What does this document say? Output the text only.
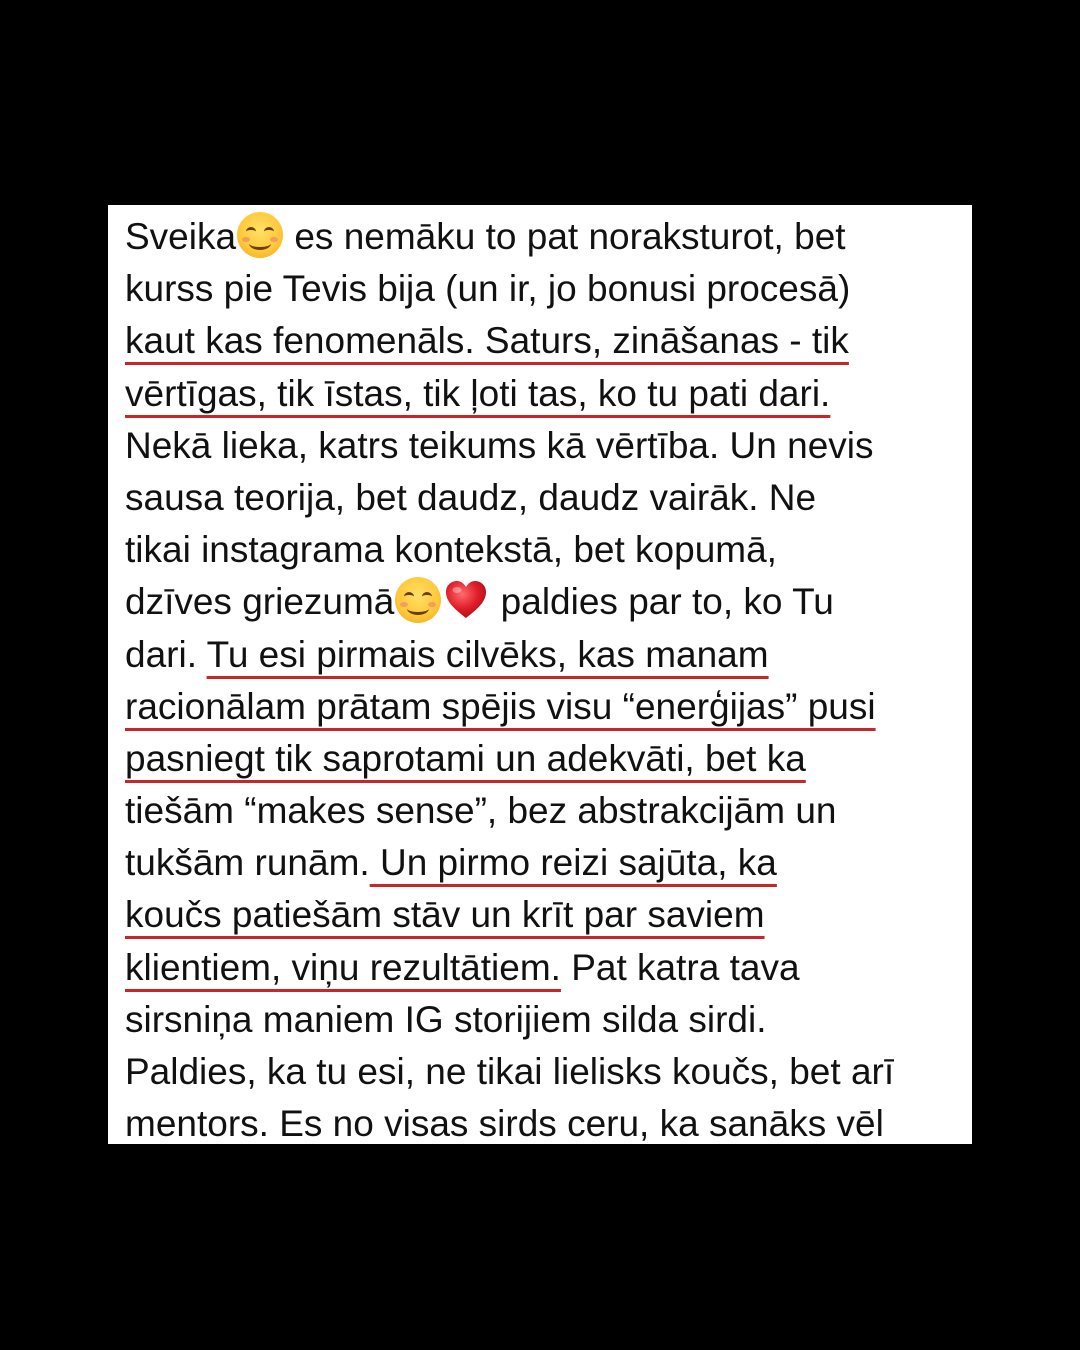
Sveika
es nemāku to pat noraksturot, bet
kurss pie Tevis bija (un ir, jo bonusi procesā)
kaut kas fenomenāls. Saturs, zināšanas - tik
vērtīgas, tik īstas, tik ļoti tas, ko tu pati dari.
Nekā lieka, katrs teikums kā vērtība. Un nevis
sausa teorija, bet daudz, daudz vairāk. Ne
tikai instagrama kontekstā, bet kopumā,
dzīves griezumā	paldies par to, ko Tu
dari. Tu esi pirmais cilvēks, kas manam
racionālam prātam spējis visu “enerģijas” pusi
pasniegt tik saprotami un adekvāti, bet ka
tiešām “makes sense”, bez abstrakcijām un
tukšām runām. Un pirmo reizi sajūta, ka
koučs patiešām stāv un krīt par saviem
klientiem, viņu rezultātiem. Pat katra tava
sirsniņa maniem IG storijiem silda sirdi.
Paldies, ka tu esi, ne tikai lielisks koučs, bet arī
mentors. Es no visas sirds ceru, ka sanāks vēl
